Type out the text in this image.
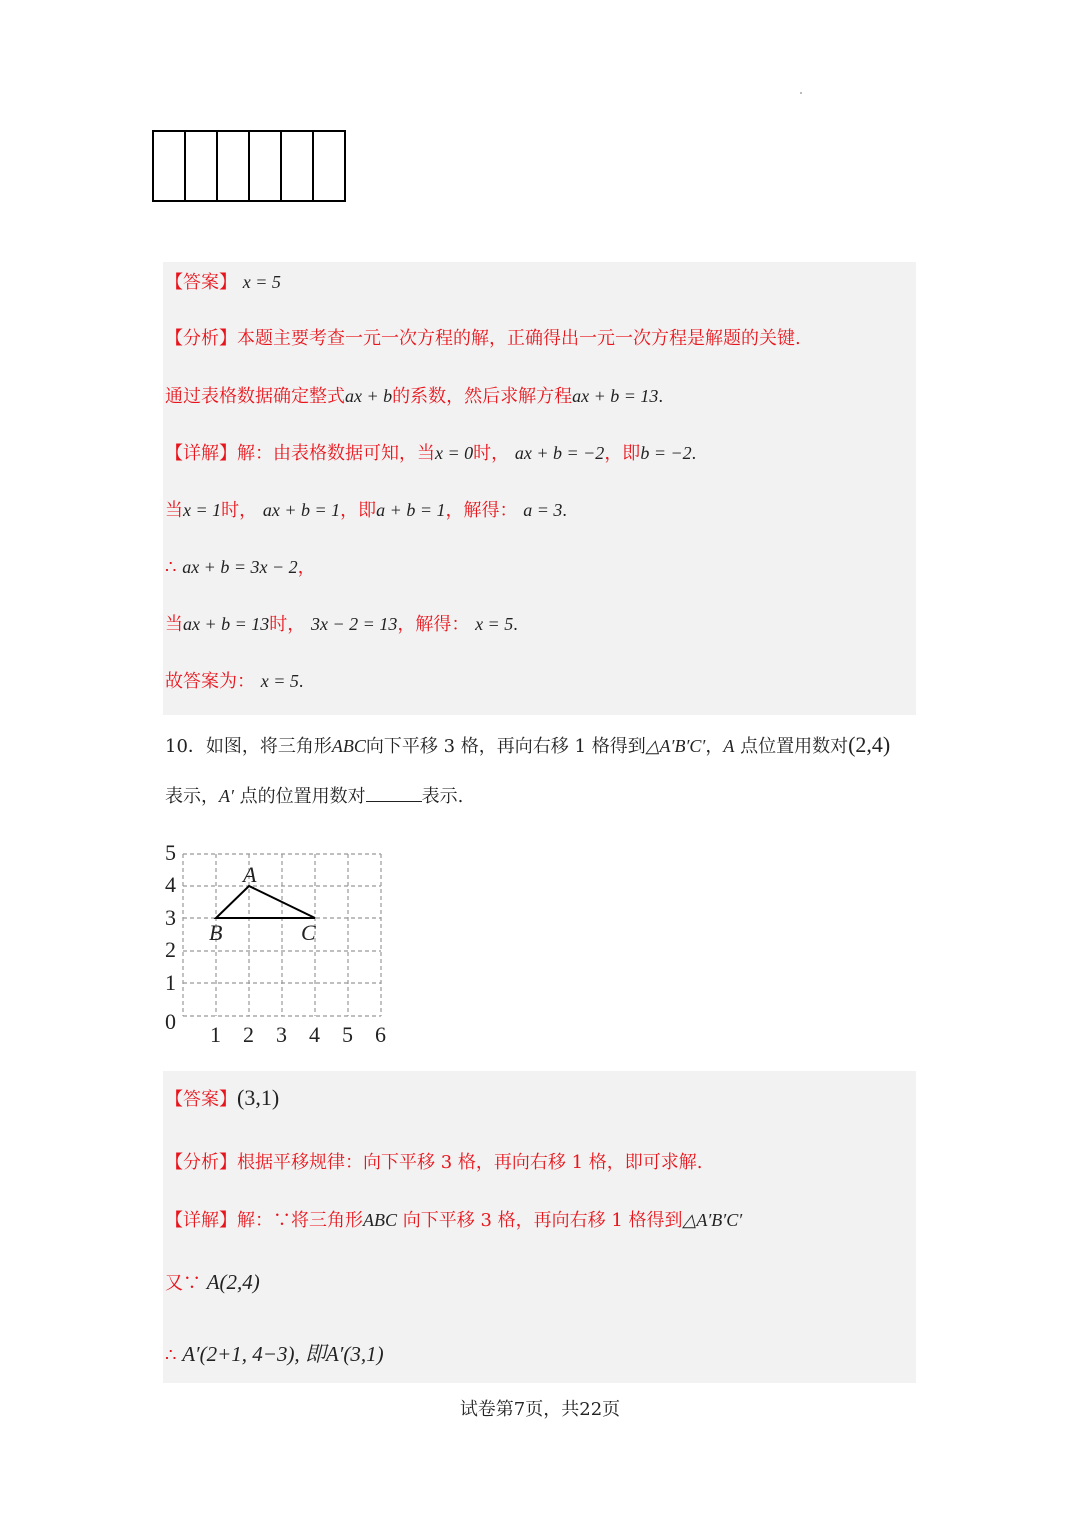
【答案】 x = 5
【分析】本题主要考查一元一次方程的解，正确得出一元一次方程是解题的关键.
通过表格数据确定整式ax + b的系数，然后求解方程ax + b = 13.
【详解】解：由表格数据可知，当x = 0时， ax + b = −2，即b = −2.
当x = 1时， ax + b = 1，即a + b = 1，解得： a = 3.
∴ ax + b = 3x − 2，
当ax + b = 13时， 3x − 2 = 13，解得： x = 5.
故答案为： x = 5.
10．如图，将三角形ABC向下平移 3 格，再向右移 1 格得到△A′B′C′，A 点位置用数对(2,4)
表示，A′ 点的位置用数对	表示.
5
4
3
2
1
0
1 2 3 4 5 6
A
B	C
【答案】(3,1)
【分析】根据平移规律：向下平移 3 格，再向右移 1 格，即可求解.
【详解】解：∵将三角形ABC 向下平移 3 格，再向右移 1 格得到△A′B′C′
又∵ A(2,4)
∴ A′(2+1, 4−3), 即A′(3,1)
试卷第7页，共22页
